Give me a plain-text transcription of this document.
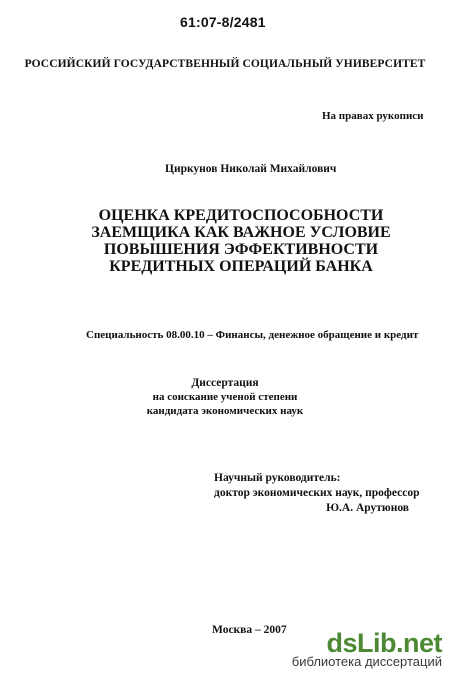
61:07-8/2481
РОССИЙСКИЙ ГОСУДАРСТВЕННЫЙ СОЦИАЛЬНЫЙ УНИВЕРСИТЕТ
На правах рукописи
Циркунов Николай Михайлович
ОЦЕНКА КРЕДИТОСПОСОБНОСТИ
ЗАЕМЩИКА КАК ВАЖНОЕ УСЛОВИЕ
ПОВЫШЕНИЯ ЭФФЕКТИВНОСТИ
КРЕДИТНЫХ ОПЕРАЦИЙ БАНКА
Специальность 08.00.10 – Финансы, денежное обращение и кредит
Диссертация
на соискание ученой степени
кандидата экономических наук
Научный руководитель:
доктор экономических наук, профессор
Ю.А. Арутюнов
Москва – 2007	dsLib.net
библиотека диссертаций
